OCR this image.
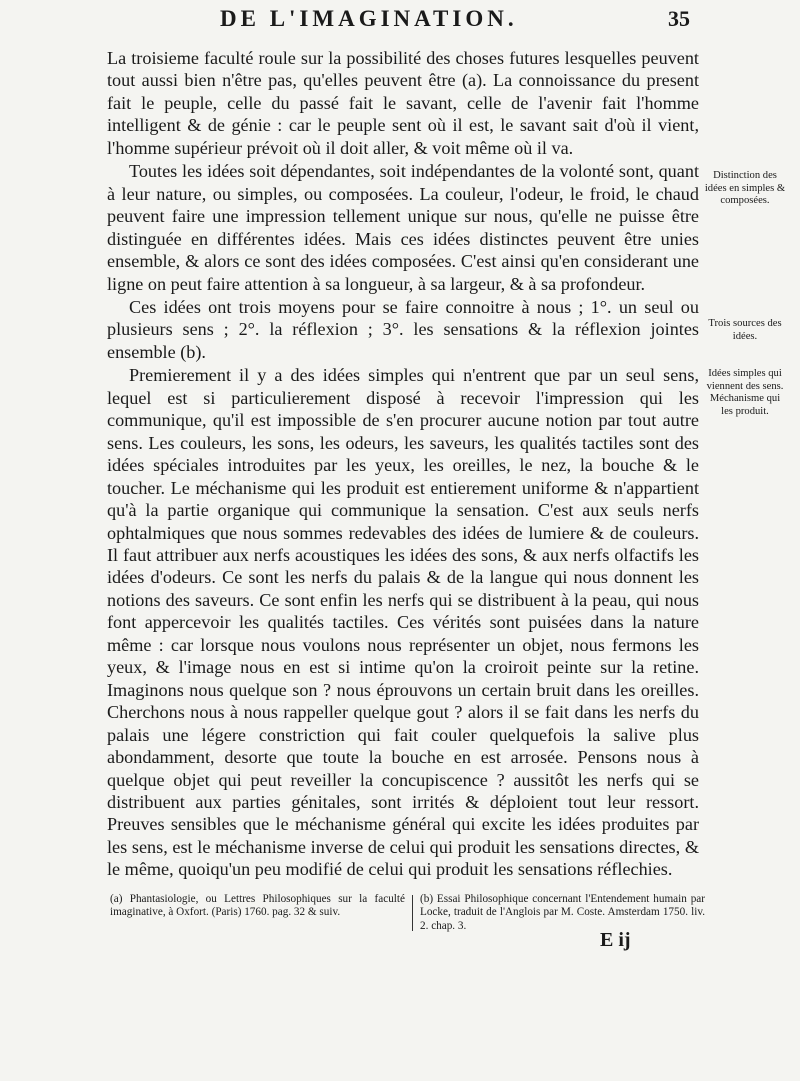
DE L'IMAGINATION.	35

La troisieme faculté roule sur la possibilité des choses futures lesquelles peuvent tout aussi bien n'être pas, qu'elles peuvent être (a). La connoissance du present fait le peuple, celle du passé fait le savant, celle de l'avenir fait l'homme intelligent & de génie : car le peuple sent où il est, le savant sait d'où il vient, l'homme supérieur prévoit où il doit aller, & voit même où il va.

Toutes les idées soit dépendantes, soit indépendantes de la volonté sont, quant à leur nature, ou simples, ou composées. La couleur, l'odeur, le froid, le chaud peuvent faire une impression tellement unique sur nous, qu'elle ne puisse être distinguée en différentes idées. Mais ces idées distinctes peuvent être unies ensemble, & alors ce sont des idées composées. C'est ainsi qu'en considerant une ligne on peut faire attention à sa longueur, à sa largeur, & à sa profondeur.

Ces idées ont trois moyens pour se faire connoitre à nous ; 1°. un seul ou plusieurs sens ; 2°. la réflexion ; 3°. les sensations & la réflexion jointes ensemble (b).

Premierement il y a des idées simples qui n'entrent que par un seul sens, lequel est si particulierement disposé à recevoir l'impression qui les communique, qu'il est impossible de s'en procurer aucune notion par tout autre sens. Les couleurs, les sons, les odeurs, les saveurs, les qualités tactiles sont des idées spéciales introduites par les yeux, les oreilles, le nez, la bouche & le toucher. Le méchanisme qui les produit est entierement uniforme & n'appartient qu'à la partie organique qui communique la sensation. C'est aux seuls nerfs ophtalmiques que nous sommes redevables des idées de lumiere & de couleurs. Il faut attribuer aux nerfs acoustiques les idées des sons, & aux nerfs olfactifs les idées d'odeurs. Ce sont les nerfs du palais & de la langue qui nous donnent les notions des saveurs. Ce sont enfin les nerfs qui se distribuent à la peau, qui nous font appercevoir les qualités tactiles. Ces vérités sont puisées dans la nature même : car lorsque nous voulons nous représenter un objet, nous fermons les yeux, & l'image nous en est si intime qu'on la croiroit peinte sur la retine. Imaginons nous quelque son ? nous éprouvons un certain bruit dans les oreilles. Cherchons nous à nous rappeller quelque gout ? alors il se fait dans les nerfs du palais une légere constriction qui fait couler quelquefois la salive plus abondamment, desorte que toute la bouche en est arrosée. Pensons nous à quelque objet qui peut reveiller la concupiscence ? aussitôt les nerfs qui se distribuent aux parties génitales, sont irrités & déploient tout leur ressort. Preuves sensibles que le méchanisme général qui excite les idées produites par les sens, est le méchanisme inverse de celui qui produit les sensations directes, & le même, quoiqu'un peu modifié de celui qui produit les sensations réflechies.

Distinction des idées en simples & composées.
Trois sources des idées.
Idées simples qui viennent des sens. Méchanisme qui les produit.
(a) Phantasiologie, ou Lettres Philosophiques sur la faculté imaginative, à Oxfort. (Paris) 1760. pag. 32 & suiv.
(b) Essai Philosophique concernant l'Entendement humain par Locke, traduit de l'Anglois par M. Coste. Amsterdam 1750. liv. 2. chap. 3.
E ij
